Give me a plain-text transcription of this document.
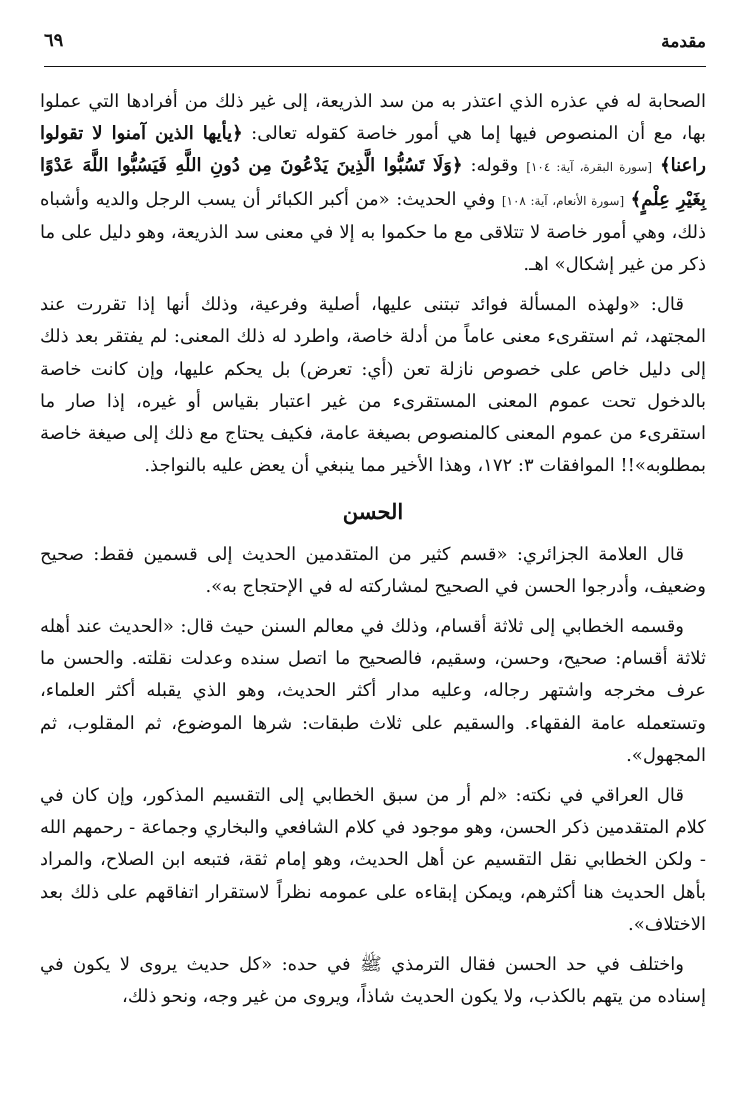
مقدمة
٦٩

الصحابة له في عذره الذي اعتذر به من سد الذريعة، إلى غير ذلك من أفرادها التي عملوا بها، مع أن المنصوص فيها إما هي أمور خاصة كقوله تعالى: ﴿يأيها الذين آمنوا لا تقولوا راعنا﴾ [سورة البقرة، آية: ١٠٤] وقوله: ﴿وَلَا تَسُبُّوا الَّذِينَ يَدْعُونَ مِن دُونِ اللَّهِ فَيَسُبُّوا اللَّهَ عَدْوًا بِغَيْرِ عِلْمٍ﴾ [سورة الأنعام، آية: ١٠٨] وفي الحديث: «من أكبر الكبائر أن يسب الرجل والديه وأشباه ذلك، وهي أمور خاصة لا تتلاقى مع ما حكموا به إلا في معنى سد الذريعة، وهو دليل على ما ذكر من غير إشكال» اهـ.

قال: «ولهذه المسألة فوائد تبتنى عليها، أصلية وفرعية، وذلك أنها إذا تقررت عند المجتهد، ثم استقرىء معنى عاماً من أدلة خاصة، واطرد له ذلك المعنى: لم يفتقر بعد ذلك إلى دليل خاص على خصوص نازلة تعن (أي: تعرض) بل يحكم عليها، وإن كانت خاصة بالدخول تحت عموم المعنى المستقرىء من غير اعتبار بقياس أو غيره، إذا صار ما استقرىء من عموم المعنى كالمنصوص بصيغة عامة، فكيف يحتاج مع ذلك إلى صيغة خاصة بمطلوبه»!! الموافقات ٣: ١٧٢، وهذا الأخير مما ينبغي أن يعض عليه بالنواجذ.

الحسن

قال العلامة الجزائري: «قسم كثير من المتقدمين الحديث إلى قسمين فقط: صحيح وضعيف، وأدرجوا الحسن في الصحيح لمشاركته له في الإحتجاج به».

وقسمه الخطابي إلى ثلاثة أقسام، وذلك في معالم السنن حيث قال: «الحديث عند أهله ثلاثة أقسام: صحيح، وحسن، وسقيم، فالصحيح ما اتصل سنده وعدلت نقلته. والحسن ما عرف مخرجه واشتهر رجاله، وعليه مدار أكثر الحديث، وهو الذي يقبله أكثر العلماء، وتستعمله عامة الفقهاء. والسقيم على ثلاث طبقات: شرها الموضوع، ثم المقلوب، ثم المجهول».

قال العراقي في نكته: «لم أر من سبق الخطابي إلى التقسيم المذكور، وإن كان في كلام المتقدمين ذكر الحسن، وهو موجود في كلام الشافعي والبخاري وجماعة - رحمهم الله - ولكن الخطابي نقل التقسيم عن أهل الحديث، وهو إمام ثقة، فتبعه ابن الصلاح، والمراد بأهل الحديث هنا أكثرهم، ويمكن إبقاءه على عمومه نظراً لاستقرار اتفاقهم على ذلك بعد الاختلاف».

واختلف في حد الحسن فقال الترمذي ﷺ في حده: «كل حديث يروى لا يكون في إسناده من يتهم بالكذب، ولا يكون الحديث شاذاً، ويروى من غير وجه، ونحو ذلك،
